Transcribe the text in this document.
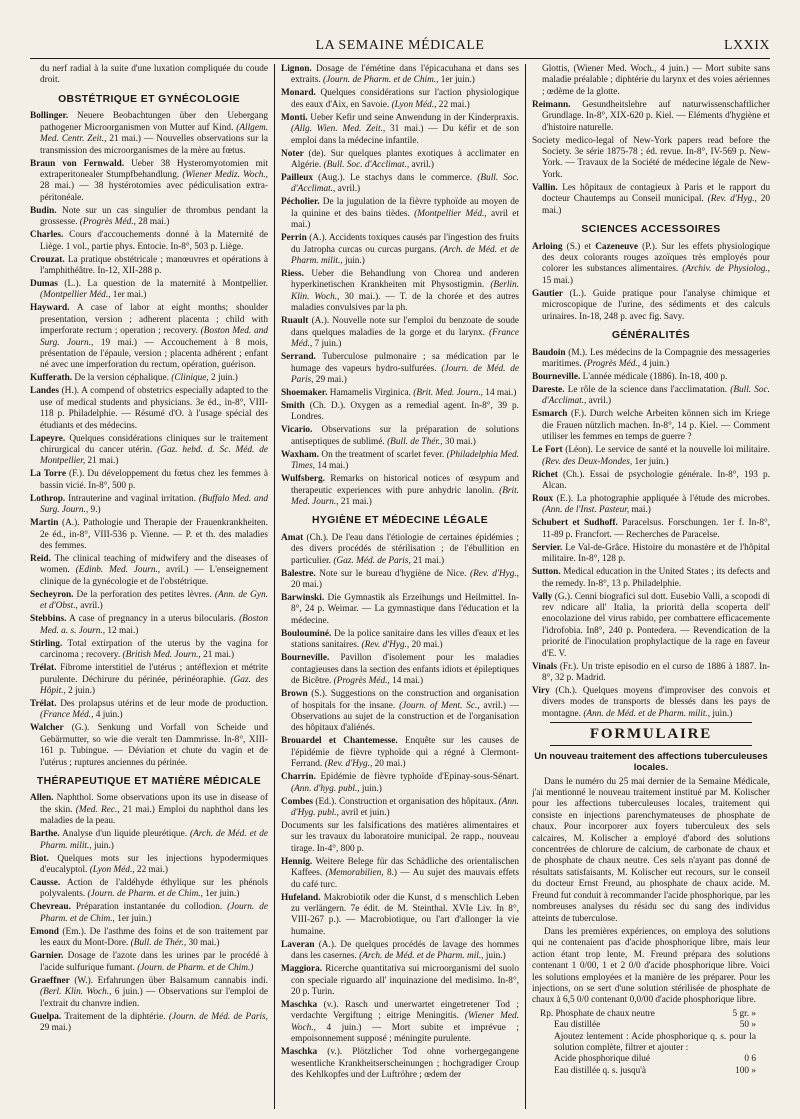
LA SEMAINE MÉDICALE	LXXIX

du nerf radial à la suite d'une luxation compliquée du coude droit.

OBSTÉTRIQUE ET GYNÉCOLOGIE

Bollinger. Neuere Beobachtungen über den Uebergang pathogener Microorganismen von Mutter auf Kind. (Allgem. Med. Centr. Zeit., 21 mai.) — Nouvelles observations sur la transmission des microorganismes de la mère au fœtus.

Braun von Fernwald. Ueber 38 Hysteromyotomien mit extraperitonealer Stumpfbehandlung. (Wiener Mediz. Woch., 28 mai.) — 38 hystérotomies avec pédiculisation extra-péritonéale.

Budin. Note sur un cas singulier de thrombus pendant la grossesse. (Progrès Méd., 28 mai.)

Charles. Cours d'accouchements donné à la Maternité de Liège. 1 vol., partie phys. Entocie. In-8°, 503 p. Liège.

Crouzat. La pratique obstétricale ; manœuvres et opérations à l'amphithéâtre. In-12, XII-288 p.

Dumas (L.). La question de la maternité à Montpellier. (Montpellier Méd., 1er mai.)

Hayward. A case of labor at eight months; shoulder presentation, version ; adherent placenta ; child with imperforate rectum ; operation ; recovery. (Boston Med. and Surg. Journ., 19 mai.) — Accouchement à 8 mois, présentation de l'épaule, version ; placenta adhérent ; enfant né avec une imperforation du rectum, opération, guérison.

Kufferath. De la version céphalique. (Clinique, 2 juin.)

Landes (H.). A compend of obstetrics especially adapted to the use of medical students and physicians. 3e éd., in-8°, VIII-118 p. Philadelphie. — Résumé d'O. à l'usage spécial des étudiants et des médecins.

Lapeyre. Quelques considérations cliniques sur le traitement chirurgical du cancer utérin. (Gaz. hebd. d. Sc. Méd. de Montpellier, 21 mai.)

La Torre (F.). Du développement du fœtus chez les femmes à bassin vicié. In-8°, 500 p.

Lothrop. Intrauterine and vaginal irritation. (Buffalo Med. and Surg. Journ., 9.)

Martin (A.). Pathologie und Therapie der Frauenkrankheiten. 2e éd., in-8°, VIII-536 p. Vienne. — P. et th. des maladies des femmes.

Reid. The clinical teaching of midwifery and the diseases of women. (Edinb. Med. Journ., avril.) — L'enseignement clinique de la gynécologie et de l'obstétrique.

Secheyron. De la perforation des petites lèvres. (Ann. de Gyn. et d'Obst., avril.)

Stebbins. A case of pregnancy in a uterus bilocularis. (Boston Med. a. s. Journ., 12 mai.)

Stirling. Total extirpation of the uterus by the vagina for carcinoma ; recovery. (British Med. Journ., 21 mai.)

Trélat. Fibrome interstitiel de l'utérus ; antéflexion et métrite purulente. Déchirure du périnée, périnéoraphie. (Gaz. des Hôpit., 2 juin.)

Trélat. Des prolapsus utérins et de leur mode de production. (France Méd., 4 juin.)

Walcher (G.). Senkung und Vorfall von Scheide und Gebärmutter, so wie die veralt ten Dammrisse. In-8°, XIII-161 p. Tubingue. — Déviation et chute du vagin et de l'utérus ; ruptures anciennes du périnée.

THÉRAPEUTIQUE ET MATIÈRE MÉDICALE

Allen. Naphthol. Some observations upon its use in disease of the skin. (Med. Rec., 21 mai.) Emploi du naphthol dans les maladies de la peau.

Barthe. Analyse d'un liquide pleurétique. (Arch. de Méd. et de Pharm. milit., juin.)

Biot. Quelques mots sur les injections hypodermiques d'eucalyptol. (Lyon Méd., 22 mai.)

Causse. Action de l'aldéhyde éthylique sur les phénols polyvalents. (Journ. de Pharm. et de Chim., 1er juin.)

Chevreau. Préparation instantanée du collodion. (Journ. de Pharm. et de Chim., 1er juin.)

Emond (Em.). De l'asthme des foins et de son traitement par les eaux du Mont-Dore. (Bull. de Thér., 30 mai.)

Garnier. Dosage de l'azote dans les urines par le procédé à l'acide sulfurique fumant. (Journ. de Pharm. et de Chim.)

Graeffner (W.). Erfahrungen über Balsamum cannabis indi. (Berl. Klin. Woch., 6 juin.) — Observations sur l'emploi de l'extrait du chanvre indien.

Guelpa. Traitement de la diphtérie. (Journ. de Méd. de Paris, 29 mai.)

Lignon. Dosage de l'émétine dans l'épicacuhana et dans ses extraits. (Journ. de Pharm. et de Chim., 1er juin.)

Monard. Quelques considérations sur l'action physiologique des eaux d'Aix, en Savoie. (Lyon Méd., 22 mai.)

Monti. Ueber Kefir und seine Anwendung in der Kinderpraxis. (Allg. Wien. Med. Zeit., 31 mai.) — Du kéfir et de son emploi dans la médecine infantile.

Noter (de). Sur quelques plantes exotiques à acclimater en Algérie. (Bull. Soc. d'Acclimat., avril.)

Pailleux (Aug.). Le stachys dans le commerce. (Bull. Soc. d'Acclimat., avril.)

Pécholier. De la jugulation de la fièvre typhoïde au moyen de la quinine et des bains tièdes. (Montpellier Méd., avril et mai.)

Perrin (A.). Accidents toxiques causés par l'ingestion des fruits du Jatropha curcas ou curcas purgans. (Arch. de Méd. et de Pharm. milit., juin.)

Riess. Ueber die Behandlung von Chorea und anderen hyperkinetischen Krankheiten mit Physostigmin. (Berlin. Klin. Woch., 30 mai.). — T. de la chorée et des autres maladies convulsives par la ph.

Ruault (A.). Nouvelle note sur l'emploi du benzoate de soude dans quelques maladies de la gorge et du larynx. (France Méd., 7 juin.)

Serrand. Tuberculose pulmonaire ; sa médication par le humage des vapeurs hydro-sulfurées. (Journ. de Méd. de Paris, 29 mai.)

Shoemaker. Hamamelis Virginica. (Brit. Med. Journ., 14 mai.)

Smith (Ch. D.). Oxygen as a remedial agent. In-8°, 39 p. Londres.

Vicario. Observations sur la préparation de solutions antiseptiques de sublimé. (Bull. de Thér., 30 mai.)

Waxham. On the treatment of scarlet fever. (Philadelphia Med. Times, 14 mai.)

Wulfsberg. Remarks on historical notices of œsypum and therapeutic experiences with pure anhydric lanolin. (Brit. Med. Journ., 21 mai.)

HYGIÈNE ET MÉDECINE LÉGALE

Amat (Ch.). De l'eau dans l'étiologie de certaines épidémies ; des divers procédés de stérilisation ; de l'ébullition en particulier. (Gaz. Méd. de Paris, 21 mai.)

Balestre. Note sur le bureau d'hygiène de Nice. (Rev. d'Hyg., 20 mai.)

Barwinski. Die Gymnastik als Erzeihungs und Heilmittel. In-8°, 24 p. Weimar. — La gymnastique dans l'éducation et la médecine.

Boulouminé. De la police sanitaire dans les villes d'eaux et les stations sanitaires. (Rev. d'Hyg., 20 mai.)

Bourneville. Pavillon d'isolement pour les maladies contagieuses dans la section des enfants idiots et épileptiques de Bicêtre. (Progrès Méd., 14 mai.)

Brown (S.). Suggestions on the construction and organisation of hospitals for the insane. (Journ. of Ment. Sc., avril.) — Observations au sujet de la construction et de l'organisation des hôpitaux d'aliénés.

Brouardel et Chantemesse. Enquête sur les causes de l'épidémie de fièvre typhoïde qui a régné à Clermont-Ferrand. (Rev. d'Hyg., 20 mai.)

Charrin. Epidémie de fièvre typhoïde d'Epinay-sous-Sénart. (Ann. d'hyg. publ., juin.)

Combes (Ed.). Construction et organisation des hôpitaux. (Ann. d'Hyg. publ., avril et juin.)

Documents sur les falsifications des matières alimentaires et sur les travaux du laboratoire municipal. 2e rapp., nouveau tirage. In-4°, 800 p.

Hennig. Weitere Belege für das Schädliche des orientalischen Kaffees. (Memorabilien, 8.) — Au sujet des mauvais effets du café turc.

Hufeland. Makrobiotik oder die Kunst, d s menschlich Leben zu verlängern. 7e édit. de M. Steinthal. XVIe Liv. In 8°, VIII-267 p.). — Macrobiotique, ou l'art d'allonger la vie humaine.

Laveran (A.). De quelques procédés de lavage des hommes dans les casernes. (Arch. de Méd. et de Pharm. mil., juin.)

Maggiora. Ricerche quantitativa sui microorganismi del suolo con speciale riguardo all' inquinazione del medisimo. In-8°, 20 p. Turin.

Maschka (v.). Rasch und unerwartet eingetretener Tod ; verdachte Vergiftung ; eitrige Meningitis. (Wiener Med. Woch., 4 juin.) — Mort subite et imprévue ; empoisonnement supposé ; méningite purulente.

Maschka (v.). Plötzlicher Tod ohne vorhergegangene wesentliche Krankheitserscheinungen ; hochgradiger Croup des Kehlkopfes und der Luftröhre ; œdem der

Glottis, (Wiener Med. Woch., 4 juin.) — Mort subite sans maladie préalable ; diphtérie du larynx et des voies aériennes ; œdème de la glotte.

Reimann. Gesundheitslehre auf naturwissenschaftlicher Grundlage. In-8°, XIX-620 p. Kiel. — Eléments d'hygiène et d'histoire naturelle.

Society medico-legal of New-York papers read before the Society. 3e série 1875-78 ; éd. revue. In-8°, IV-569 p. New-York. — Travaux de la Société de médecine légale de New-York.

Vallin. Les hôpitaux de contagieux à Paris et le rapport du docteur Chautemps au Conseil municipal. (Rev. d'Hyg., 20 mai.)

SCIENCES ACCESSOIRES

Arloing (S.) et Cazeneuve (P.). Sur les effets physiologique des deux colorants rouges azoïques très employés pour colorer les substances alimentaires. (Archiv. de Physiolog., 15 mai.)

Gautier (L.). Guide pratique pour l'analyse chimique et microscopique de l'urine, des sédiments et des calculs urinaires. In-18, 248 p. avec fig. Savy.

GÉNÉRALITÉS

Baudoin (M.). Les médecins de la Compagnie des messageries maritimes. (Progrès Méd., 4 juin.)

Bourneville. L'année médicale (1886). In-18, 400 p.

Dareste. Le rôle de la science dans l'acclimatation. (Bull. Soc. d'Acclimat., avril.)

Esmarch (F.). Durch welche Arbeiten können sich im Kriege die Frauen nützlich machen. In-8°, 14 p. Kiel. — Comment utiliser les femmes en temps de guerre ?

Le Fort (Léon). Le service de santé et la nouvelle loi militaire. (Rev. des Deux-Mondes, 1er juin.)

Richet (Ch.). Essai de psychologie générale. In-8°, 193 p. Alcan.

Roux (E.). La photographie appliquée à l'étude des microbes. (Ann. de l'Inst. Pasteur, mai.)

Schubert et Sudhoff. Paracelsus. Forschungen. 1er f. In-8°, 11-89 p. Francfort. — Recherches de Paracelse.

Servier. Le Val-de-Grâce. Histoire du monastère et de l'hôpital militaire. In-8°, 128 p.

Sutton. Medical education in the United States ; its defects and the remedy. In-8°, 13 p. Philadelphie.

Vally (G.). Cenni biografici sul dott. Eusebio Valli, a scopodi di rev ndicare all' Italia, la priorità della scoperta dell' enocolazione del virus rabido, per combattere efficacemente l'idrofobia. In8°, 240 p. Pontedera. — Revendication de la priorité de l'inoculation prophylactique de la rage en faveur d'E. V.

Vinals (Fr.). Un triste episodio en el curso de 1886 à 1887. In-8°, 32 p. Madrid.

Viry (Ch.). Quelques moyens d'improviser des convois et divers modes de transports de blessés dans les pays de montagne. (Ann. de Méd. et de Pharm. milit., juin.)

FORMULAIRE
Un nouveau traitement des affections tuberculeuses locales.

Dans le numéro du 25 mai dernier de la Semaine Médicale, j'ai mentionné le nouveau traitement institué par M. Kolischer pour les affections tuberculeuses locales, traitement qui consiste en injections parenchymateuses de phosphate de chaux. Pour incorporer aux foyers tuberculeux des sels calcaires, M. Kolischer a employé d'abord des solutions concentrées de chlorure de calcium, de carbonate de chaux et de phosphate de chaux neutre. Ces sels n'ayant pas donné de résultats satisfaisants, M. Kolischer eut recours, sur le conseil du docteur Ernst Freund, au phosphate de chaux acide. M. Freund fut conduit à recommander l'acide phosphorique, par les nombreuses analyses du résidu sec du sang des individus atteints de tuberculose.

Dans les premières expériences, on employa des solutions qui ne contenaient pas d'acide phosphorique libre, mais leur action étant trop lente, M. Freund prépara des solutions contenant 1 0/00, 1 et 2 0/0 d'acide phosphorique libre. Voici les solutions employées et la manière de les préparer. Pour les injections, on se sert d'une solution stérilisée de phosphate de chaux à 6,5 0/0 contenant 0,0/00 d'acide phosphorique libre.

Rp. Phosphate de chaux neutre	5 gr. »
Eau distillée	50 »
Ajoutez lentement : Acide phosphorique q. s. pour la solution complète, filtrer et ajouter :
Acide phosphorique dilué	0 6
Eau distillée q. s. jusqu'à	100 »
